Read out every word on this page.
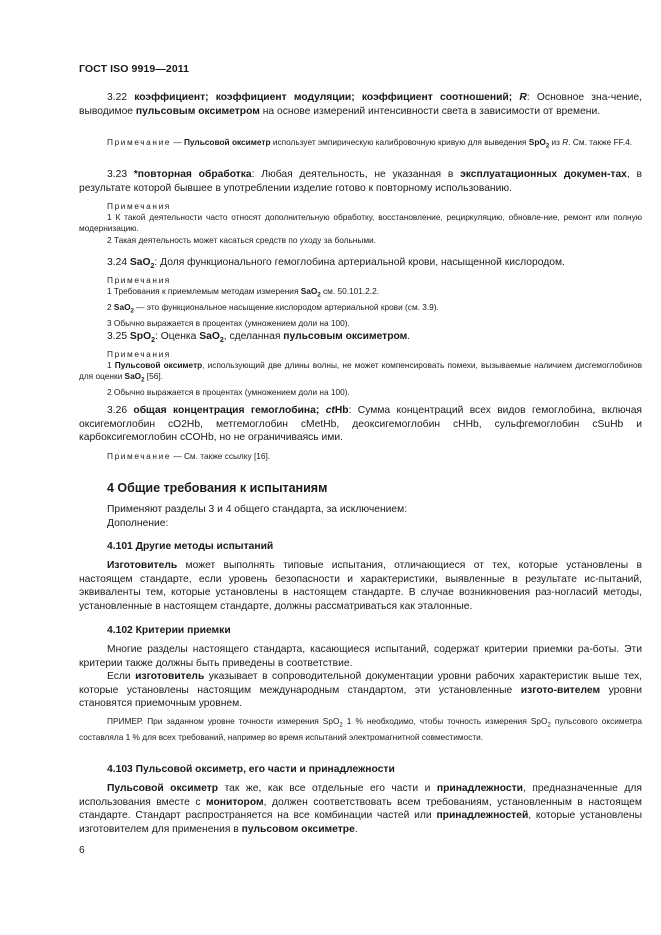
ГОСТ ISO 9919—2011

3.22 коэффициент; коэффициент модуляции; коэффициент соотношений; R: Основное зна-чение, выводимое пульсовым оксиметром на основе измерений интенсивности света в зависимости от времени.

Примечание — Пульсовой оксиметр использует эмпирическую калибровочную кривую для выведения SpO$_2$ из R. См. также FF.4.

3.23 *повторная обработка: Любая деятельность, не указанная в эксплуатационных докумен-тах, в результате которой бывшее в употреблении изделие готово к повторному использованию.

Примечания

1 К такой деятельности часто относят дополнительную обработку, восстановление, рециркуляцию, обновле-ние, ремонт или полную модернизацию.

2 Такая деятельность может касаться средств по уходу за больными.

3.24 SaO$_2$: Доля функционального гемоглобина артериальной крови, насыщенной кислородом.

Примечания

1 Требования к приемлемым методам измерения SaO$_2$ см. 50.101.2.2.

2 SaO$_2$ — это функциональное насыщение кислородом артериальной крови (см. 3.9).

3 Обычно выражается в процентах (умножением доли на 100).

3.25 SpO$_2$: Оценка SaO$_2$, сделанная пульсовым оксиметром.

Примечания

1 Пульсовой оксиметр, использующий две длины волны, не может компенсировать помехи, вызываемые наличием дисгемоглобинов для оценки SaO$_2$ [56].

2 Обычно выражается в процентах (умножением доли на 100).

3.26 общая концентрация гемоглобина; ctHb: Сумма концентраций всех видов гемоглобина, включая оксигемоглобин cO2Hb, метгемоглобин cMetHb, деоксигемоглобин cHHb, сульфгемоглобин cSuHb и карбоксигемоглобин cCOHb, но не ограничиваясь ими.

Примечание — См. также ссылку [16].

4 Общие требования к испытаниям

Применяют разделы 3 и 4 общего стандарта, за исключением:

Дополнение:

4.101 Другие методы испытаний

Изготовитель может выполнять типовые испытания, отличающиеся от тех, которые установлены в настоящем стандарте, если уровень безопасности и характеристики, выявленные в результате ис-пытаний, эквиваленты тем, которые установлены в настоящем стандарте. В случае возникновения раз-ногласий методы, установленные в настоящем стандарте, должны рассматриваться как эталонные.

4.102 Критерии приемки

Многие разделы настоящего стандарта, касающиеся испытаний, содержат критерии приемки ра-боты. Эти критерии также должны быть приведены в соответствие.

Если изготовитель указывает в сопроводительной документации уровни рабочих характеристик выше тех, которые установлены настоящим международным стандартом, эти установленные изгото-вителем уровни становятся приемочным уровнем.

ПРИМЕР. При заданном уровне точности измерения SpO$_2$ 1 % необходимо, чтобы точность измерения SpO$_2$ пульсового оксиметра составляла 1 % для всех требований, например во время испытаний электромагнитной совместимости.

4.103 Пульсовой оксиметр, его части и принадлежности

Пульсовой оксиметр так же, как все отдельные его части и принадлежности, предназначенные для использования вместе с монитором, должен соответствовать всем требованиям, установленным в настоящем стандарте. Стандарт распространяется на все комбинации частей или принадлежностей, которые установлены изготовителем для применения в пульсовом оксиметре.

6
